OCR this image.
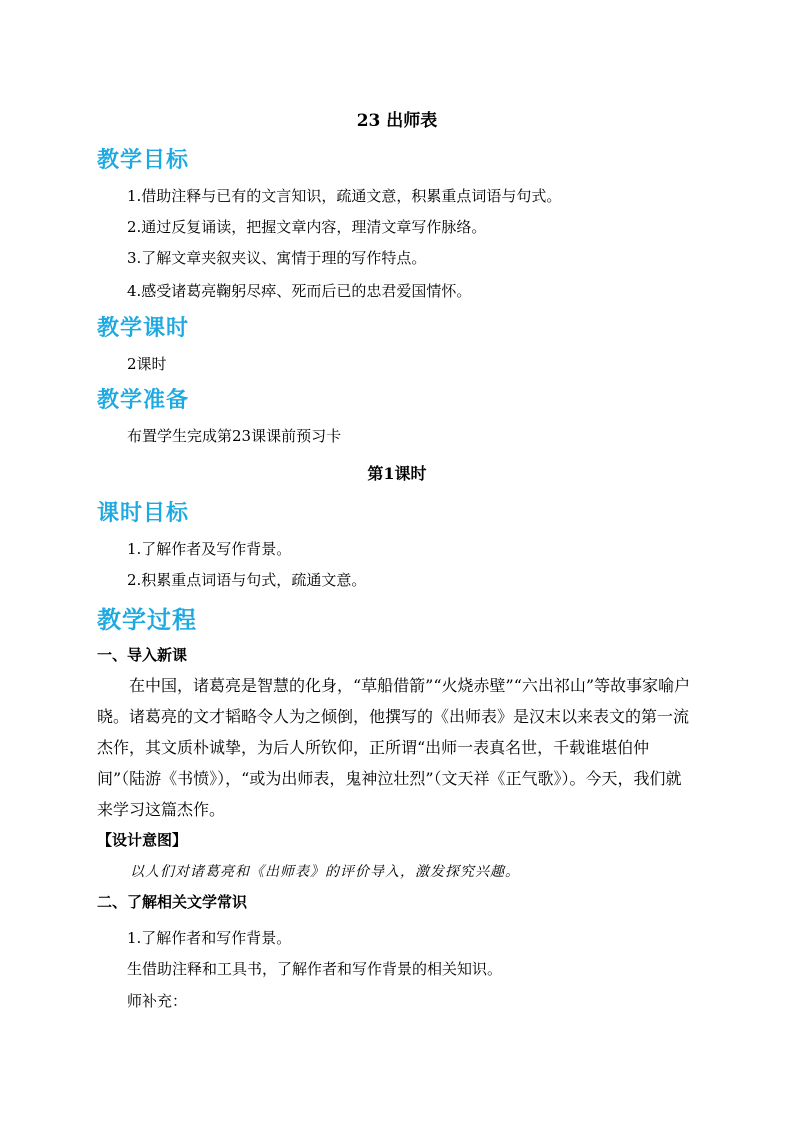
23 出师表
教学目标
1.借助注释与已有的文言知识，疏通文意，积累重点词语与句式。
2.通过反复诵读，把握文章内容，理清文章写作脉络。
3.了解文章夹叙夹议、寓情于理的写作特点。
4.感受诸葛亮鞠躬尽瘁、死而后已的忠君爱国情怀。
教学课时
2课时
教学准备
布置学生完成第23课课前预习卡
第1课时
课时目标
1.了解作者及写作背景。
2.积累重点词语与句式，疏通文意。
教学过程
一、导入新课
在中国，诸葛亮是智慧的化身，“草船借箭”“火烧赤壁”“六出祁山”等故事家喻户晓。诸葛亮的文才韬略令人为之倾倒，他撰写的《出师表》是汉末以来表文的第一流杰作，其文质朴诚挚，为后人所钦仰，正所谓“出师一表真名世，千载谁堪伯仲间”（陆游《书愤》），“或为出师表，鬼神泣壮烈”（文天祥《正气歌》）。今天，我们就来学习这篇杰作。
【设计意图】
以人们对诸葛亮和《出师表》的评价导入，激发探究兴趣。
二、了解相关文学常识
1.了解作者和写作背景。
生借助注释和工具书，了解作者和写作背景的相关知识。
师补充：
